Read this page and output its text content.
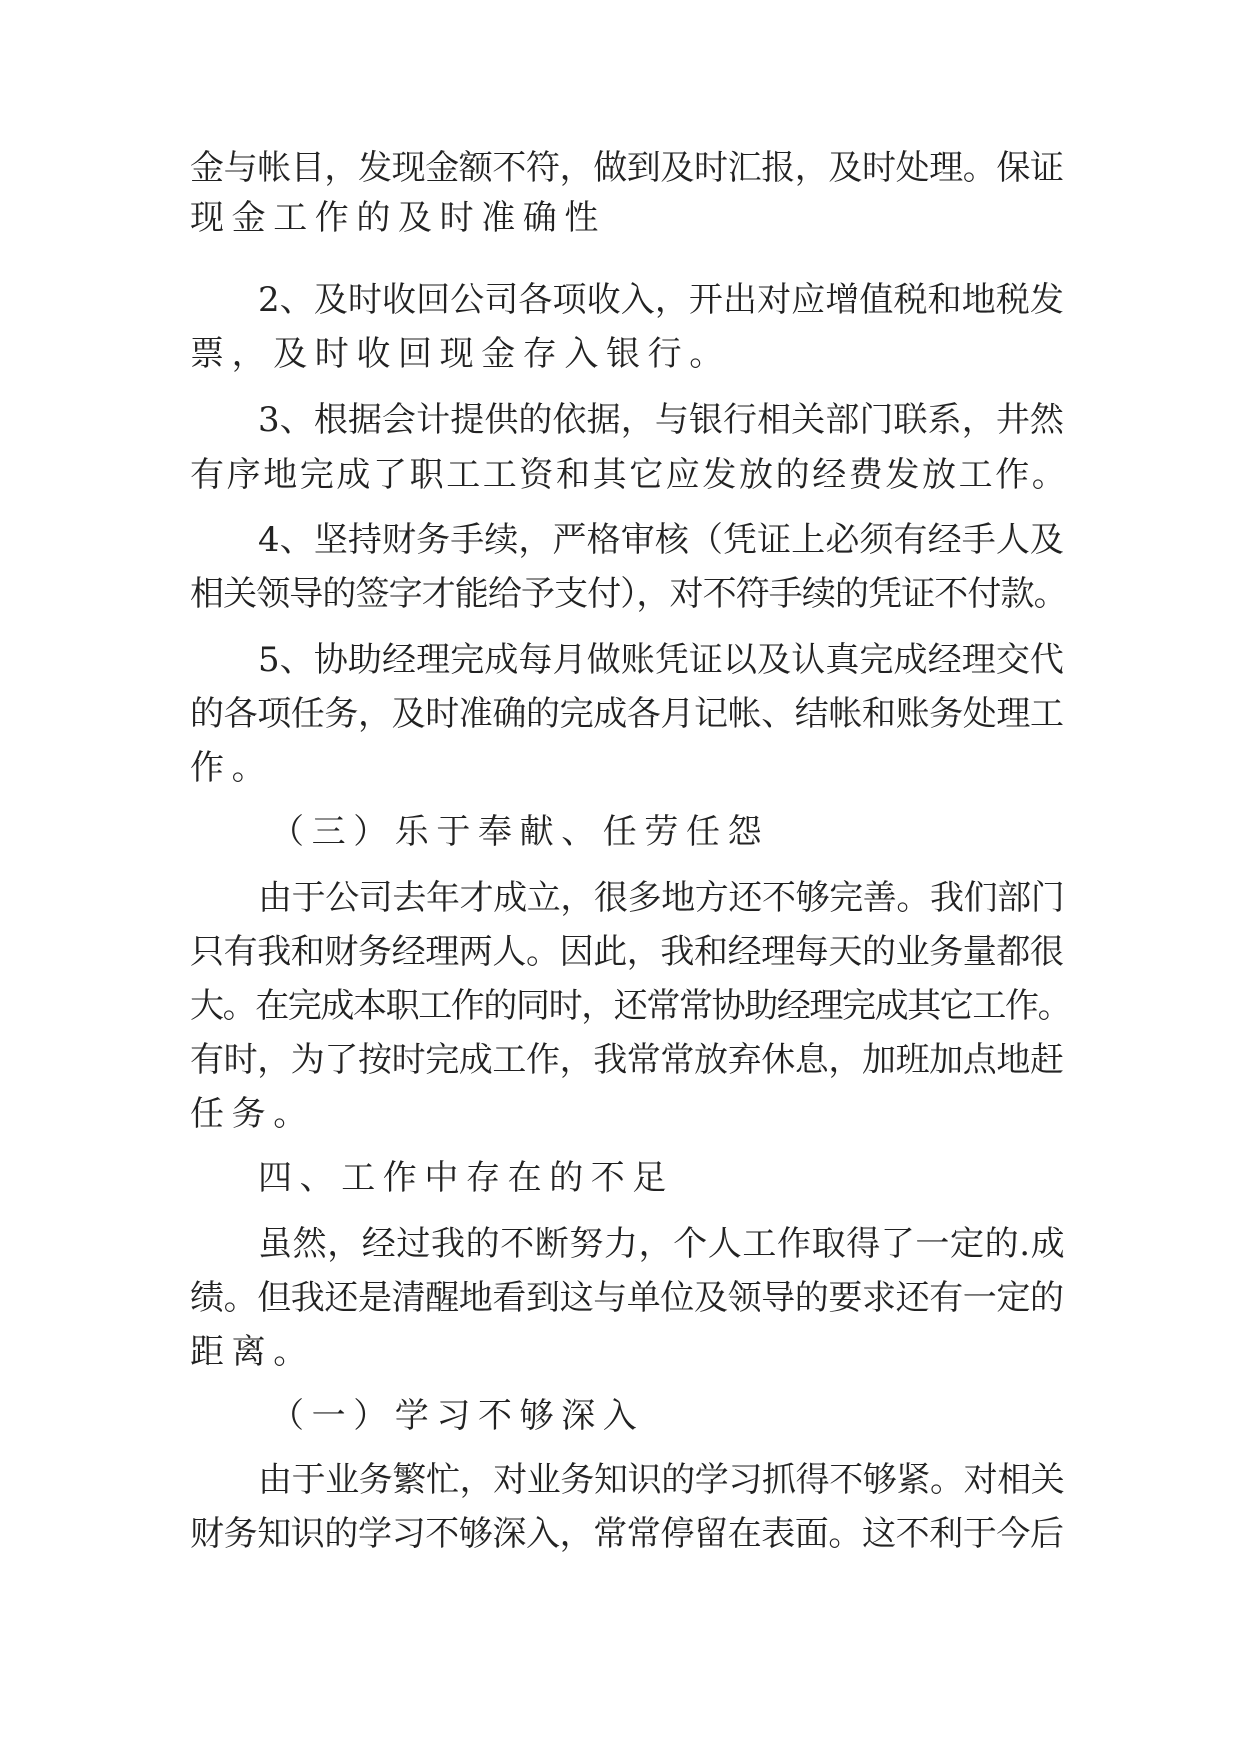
金与帐目，发现金额不符，做到及时汇报，及时处理。保证
现金工作的及时准确性
2、及时收回公司各项收入，开出对应增值税和地税发
票，及时收回现金存入银行。
3、根据会计提供的依据，与银行相关部门联系，井然
有序地完成了职工工资和其它应发放的经费发放工作。
4、坚持财务手续，严格审核（凭证上必须有经手人及
相关领导的签字才能给予支付），对不符手续的凭证不付款。
5、协助经理完成每月做账凭证以及认真完成经理交代
的各项任务，及时准确的完成各月记帐、结帐和账务处理工
作。
（三）乐于奉献、任劳任怨
由于公司去年才成立，很多地方还不够完善。我们部门
只有我和财务经理两人。因此，我和经理每天的业务量都很
大。在完成本职工作的同时，还常常协助经理完成其它工作。
有时，为了按时完成工作，我常常放弃休息，加班加点地赶
任务。
四、工作中存在的不足
虽然，经过我的不断努力，个人工作取得了一定的.成
绩。但我还是清醒地看到这与单位及领导的要求还有一定的
距离。
（一）学习不够深入
由于业务繁忙，对业务知识的学习抓得不够紧。对相关
财务知识的学习不够深入，常常停留在表面。这不利于今后
